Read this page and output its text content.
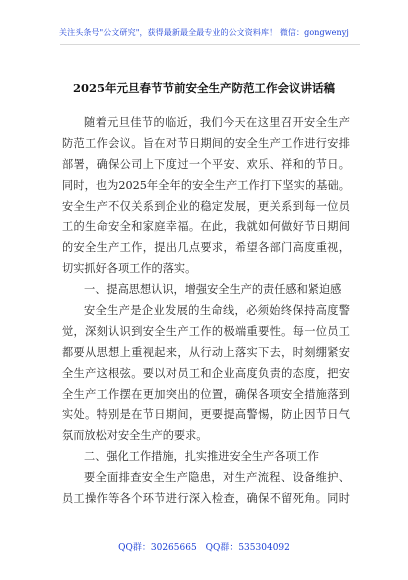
关注头条号"公文研究"，获得最新最全最专业的公文资料库！ 微信：gongwenyj
2025年元旦春节节前安全生产防范工作会议讲话稿
随着元旦佳节的临近，我们今天在这里召开安全生产
防范工作会议。旨在对节日期间的安全生产工作进行安排
部署，确保公司上下度过一个平安、欢乐、祥和的节日。
同时，也为2025年全年的安全生产工作打下坚实的基础。
安全生产不仅关系到企业的稳定发展，更关系到每一位员
工的生命安全和家庭幸福。在此，我就如何做好节日期间
的安全生产工作，提出几点要求，希望各部门高度重视，
切实抓好各项工作的落实。
一、提高思想认识，增强安全生产的责任感和紧迫感
安全生产是企业发展的生命线，必须始终保持高度警
觉，深刻认识到安全生产工作的极端重要性。每一位员工
都要从思想上重视起来，从行动上落实下去，时刻绷紧安
全生产这根弦。要以对员工和企业高度负责的态度，把安
全生产工作摆在更加突出的位置，确保各项安全措施落到
实处。特别是在节日期间，更要提高警惕，防止因节日气
氛而放松对安全生产的要求。
二、强化工作措施，扎实推进安全生产各项工作
要全面排查安全生产隐患，对生产流程、设备维护、
员工操作等各个环节进行深入检查，确保不留死角。同时
QQ群：30265665 QQ群：535304092
